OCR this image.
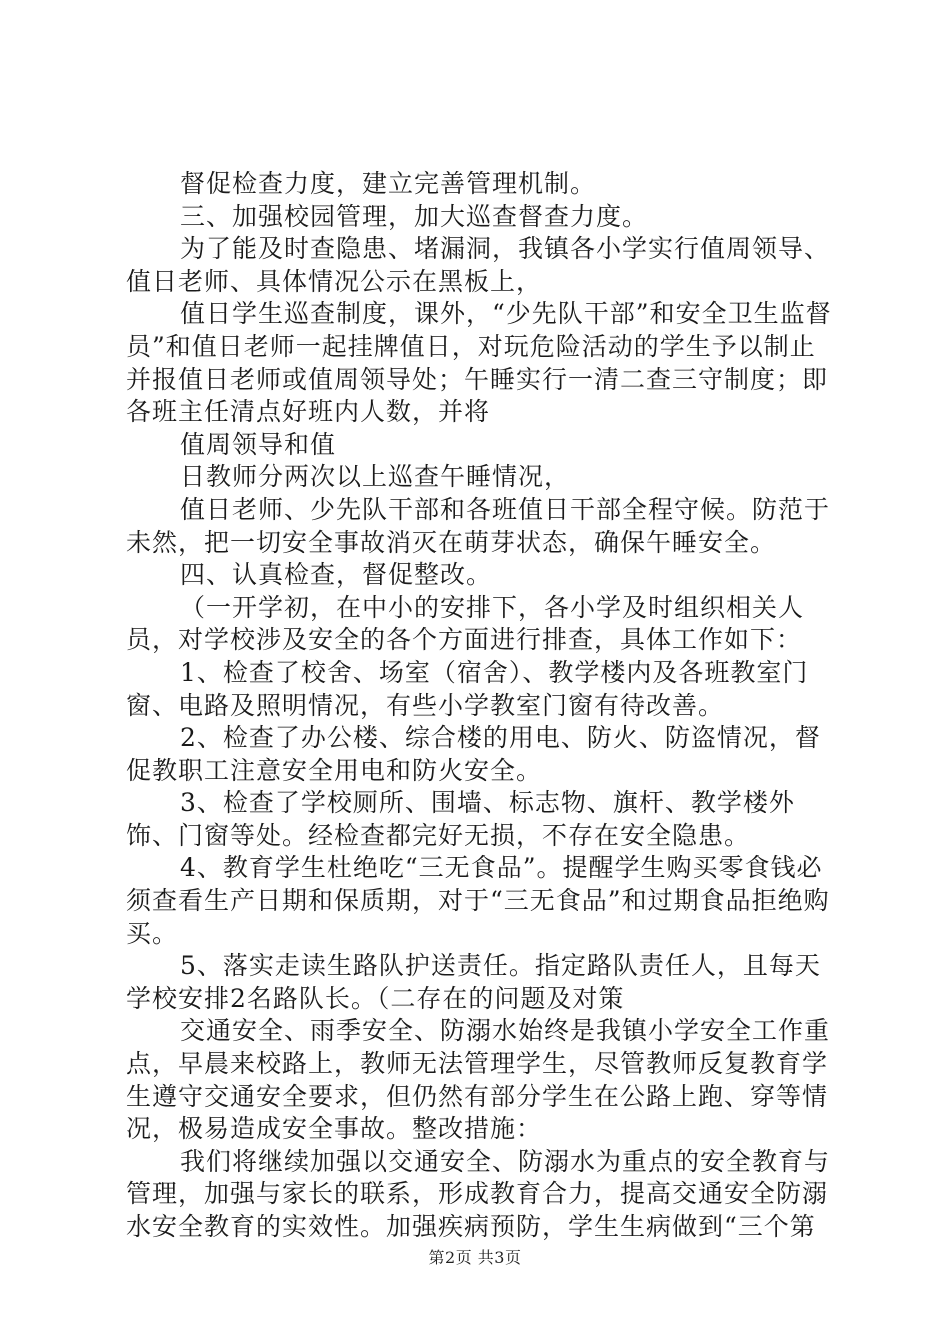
督促检查力度，建立完善管理机制。

三、加强校园管理，加大巡查督查力度。

为了能及时查隐患、堵漏洞，我镇各小学实行值周领导、值日老师、具体情况公示在黑板上，

值日学生巡查制度，课外，“少先队干部”和安全卫生监督员”和值日老师一起挂牌值日，对玩危险活动的学生予以制止并报值日老师或值周领导处；午睡实行一清二查三守制度；即各班主任清点好班内人数，并将

值周领导和值

日教师分两次以上巡查午睡情况，

值日老师、少先队干部和各班值日干部全程守候。防范于未然，把一切安全事故消灭在萌芽状态，确保午睡安全。

四、认真检查，督促整改。

（一开学初，在中小的安排下，各小学及时组织相关人员，对学校涉及安全的各个方面进行排查，具体工作如下：

1、检查了校舍、场室（宿舍）、教学楼内及各班教室门窗、电路及照明情况，有些小学教室门窗有待改善。

2、检查了办公楼、综合楼的用电、防火、防盗情况，督促教职工注意安全用电和防火安全。

3、检查了学校厕所、围墙、标志物、旗杆、教学楼外饰、门窗等处。经检查都完好无损，不存在安全隐患。

4、教育学生杜绝吃“三无食品”。提醒学生购买零食钱必须查看生产日期和保质期，对于“三无食品”和过期食品拒绝购买。

5、落实走读生路队护送责任。指定路队责任人，且每天学校安排2名路队长。（二存在的问题及对策

交通安全、雨季安全、防溺水始终是我镇小学安全工作重点，早晨来校路上，教师无法管理学生，尽管教师反复教育学生遵守交通安全要求，但仍然有部分学生在公路上跑、穿等情况，极易造成安全事故。整改措施：

我们将继续加强以交通安全、防溺水为重点的安全教育与管理，加强与家长的联系，形成教育合力，提高交通安全防溺水安全教育的实效性。加强疾病预防，学生生病做到“三个第

第2页 共3页
